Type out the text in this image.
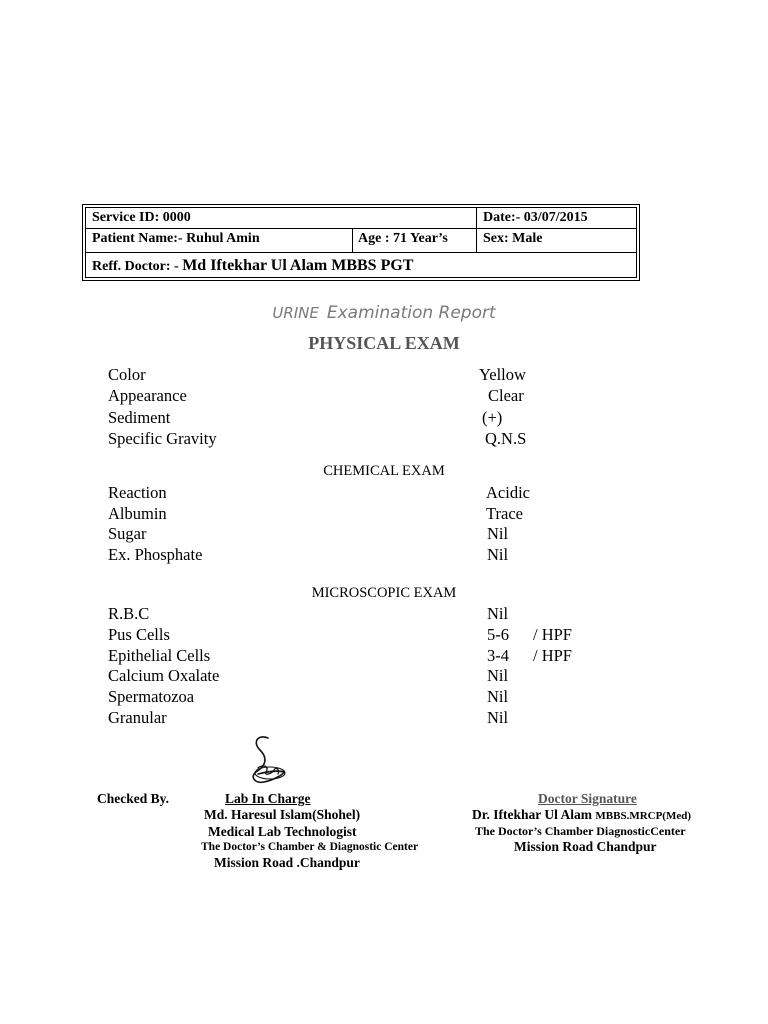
Service ID: 0000	Date:- 03/07/2015
Patient Name:- Ruhul Amin	Age : 71 Year’s	Sex: Male
Reff. Doctor: - Md Iftekhar Ul Alam MBBS PGT
URINE Examination Report
PHYSICAL EXAM
Color	Yellow
Appearance	Clear
Sediment	(+)
Specific Gravity	Q.N.S
CHEMICAL EXAM
Reaction	Acidic
Albumin	Trace
Sugar	Nil
Ex. Phosphate	Nil
MICROSCOPIC EXAM
R.B.C	Nil
Pus Cells	5-6 / HPF
Epithelial Cells	3-4 / HPF
Calcium Oxalate	Nil
Spermatozoa	Nil
Granular	Nil
Checked By.	Lab In Charge
Md. Haresul Islam(Shohel)
Medical Lab Technologist
The Doctor’s Chamber & Diagnostic Center
Mission Road .Chandpur
Doctor Signature
Dr. Iftekhar Ul Alam MBBS.MRCP(Med)
The Doctor’s Chamber DiagnosticCenter
Mission Road Chandpur
